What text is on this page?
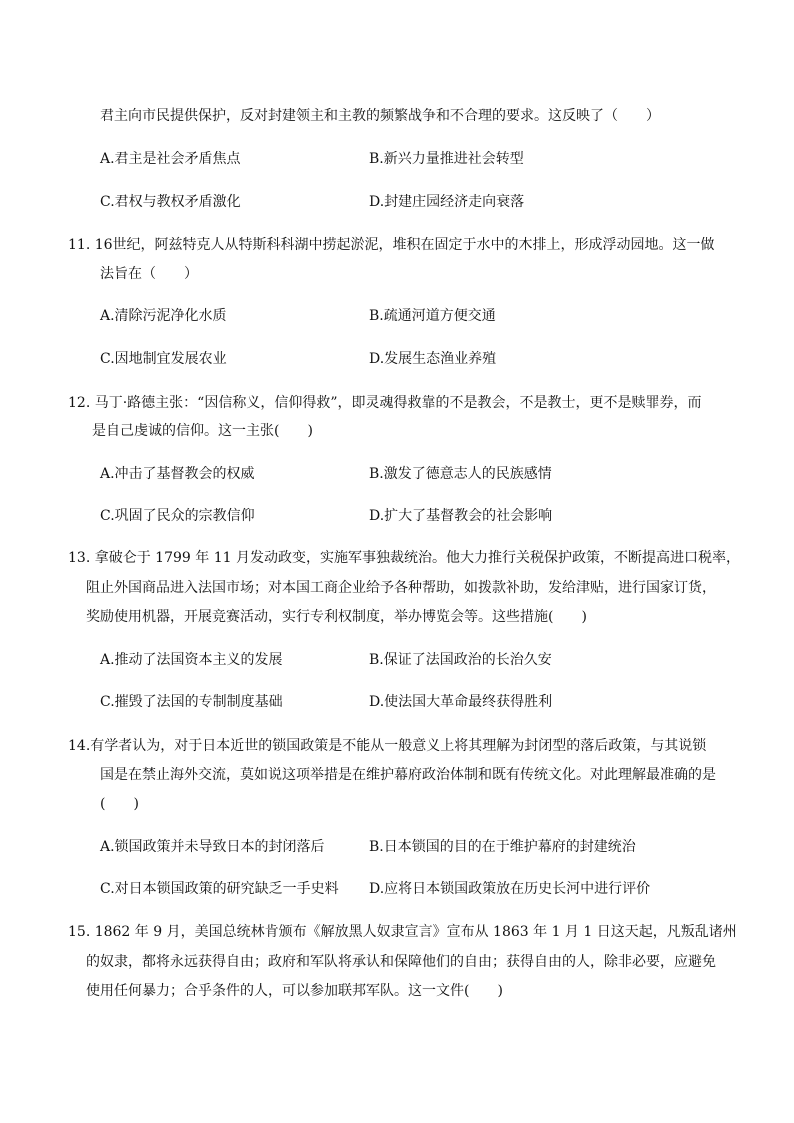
君主向市民提供保护，反对封建领主和主教的频繁战争和不合理的要求。这反映了（　　）
A.君主是社会矛盾焦点	B.新兴力量推进社会转型
C.君权与教权矛盾激化	D.封建庄园经济走向衰落
11. 16世纪，阿兹特克人从特斯科科湖中捞起淤泥，堆积在固定于水中的木排上，形成浮动园地。这一做
法旨在（　　）
A.清除污泥净化水质	B.疏通河道方便交通
C.因地制宜发展农业	D.发展生态渔业养殖
12. 马丁·路德主张：“因信称义，信仰得救”，即灵魂得救靠的不是教会，不是教士，更不是赎罪券，而
是自己虔诚的信仰。这一主张(　　)
A.冲击了基督教会的权威	B.激发了德意志人的民族感情
C.巩固了民众的宗教信仰	D.扩大了基督教会的社会影响
13. 拿破仑于 1799 年 11 月发动政变，实施军事独裁统治。他大力推行关税保护政策，不断提高进口税率，
阻止外国商品进入法国市场；对本国工商企业给予各种帮助，如拨款补助，发给津贴，进行国家订货，
奖励使用机器，开展竞赛活动，实行专利权制度，举办博览会等。这些措施(　　)
A.推动了法国资本主义的发展	B.保证了法国政治的长治久安
C.摧毁了法国的专制制度基础	D.使法国大革命最终获得胜利
14.有学者认为，对于日本近世的锁国政策是不能从一般意义上将其理解为封闭型的落后政策，与其说锁
国是在禁止海外交流，莫如说这项举措是在维护幕府政治体制和既有传统文化。对此理解最准确的是
(　　)
A.锁国政策并未导致日本的封闭落后	B.日本锁国的目的在于维护幕府的封建统治
C.对日本锁国政策的研究缺乏一手史料 D.应将日本锁国政策放在历史长河中进行评价
15. 1862 年 9 月，美国总统林肯颁布《解放黑人奴隶宣言》宣布从 1863 年 1 月 1 日这天起，凡叛乱诸州
的奴隶，都将永远获得自由；政府和军队将承认和保障他们的自由；获得自由的人，除非必要，应避免
使用任何暴力；合乎条件的人，可以参加联邦军队。这一文件(　　)
